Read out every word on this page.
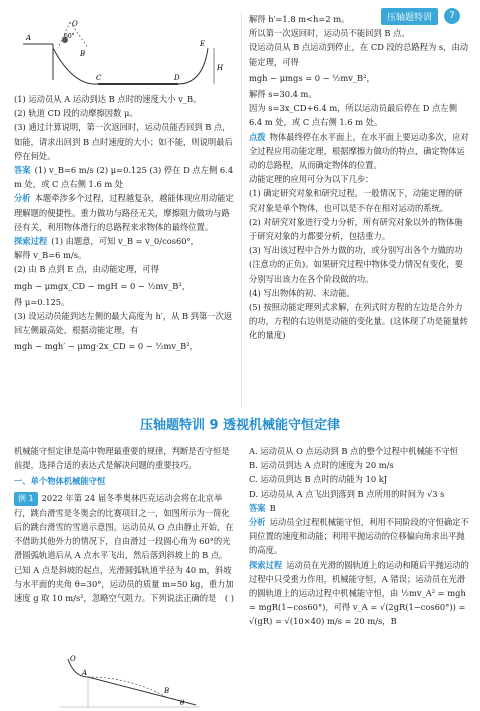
压轴题特训	7
A
O
60°
B
C	D
E
H

(1) 运动员从 A 运动到达 B 点时的速度大小 v_B。

(2) 轨道 CD 段的动摩擦因数 μ。

(3) 通过计算说明，第一次返回时，运动员能否回到 B 点，如能，请求出回到 B 点时速度的大小；如不能，则说明最后停在何处。

答案 (1) v_B=6 m/s (2) μ=0.125 (3) 停在 D 点左侧 6.4 m 处，或 C 点右侧 1.6 m 处

分析 本题牵涉多个过程，过程越复杂，越能体现应用动能定理解题的便捷性。重力做功与路径无关，摩擦阻力做功与路径有关，利用物体滑行的总路程来求物体的最终位置。

探索过程 (1) 由题意，可知 v_B = v_0/cos60°，

解得 v_B=6 m/s。

(2) 由 B 点到 E 点，由动能定理，可得

mgh − μmgx_CD − mgH = 0 − ½mv_B²，

得 μ=0.125。

(3) 设运动员能到达左侧的最大高度为 h′，从 B 到第一次返回左侧最高处，根据动能定理，有

mgh − mgh′ − μmg·2x_CD = 0 − ½mv_B²，

解得 h′=1.8 m<h=2 m。

所以第一次返回时，运动员不能回到 B 点。

设运动员从 B 点运动到停止，在 CD 段的总路程为 s，由动能定理，可得

mgh − μmgs = 0 − ½mv_B²，

解得 s=30.4 m。

因为 s=3x_CD+6.4 m，所以运动员最后停在 D 点左侧 6.4 m 处，或 C 点右侧 1.6 m 处。

点拨 物体最终停在水平面上，在水平面上要运动多次，应对全过程应用动能定理，根据摩擦力做功的特点，确定物体运动的总路程，从而确定物体的位置。

动能定理的应用可分为以下几步：

(1) 确定研究对象和研究过程。一般情况下，动能定理的研究对象是单个物体，也可以是不存在相对运动的系统。

(2) 对研究对象进行受力分析，所有研究对象以外的物体施于研究对象的力都要分析，包括重力。

(3) 写出该过程中合外力做的功，或分别写出各个力做的功(注意功的正负)。如果研究过程中物体受力情况有变化，要分别写出该力在各个阶段做的功。

(4) 写出物体的初、末动能。

(5) 按照动能定理列式求解，在列式时方程的左边是合外力的功，方程的右边则是动能的变化量。(这体现了功是能量转化的量度)

压轴题特训 9 透视机械能守恒定律

机械能守恒定律是高中物理最重要的规律，判断是否守恒是前提，选择合适的表达式是解决问题的重要技巧。

一、单个物体机械能守恒

例 1 2022 年第 24 届冬季奥林匹克运动会将在北京举行，跳台滑雪是冬奥会的比赛项目之一，如图所示为一简化后的跳台滑雪的雪道示意图。运动员从 O 点由静止开始，在不借助其他外力的情况下，自由滑过一段圆心角为 60°的光滑圆弧轨道后从 A 点水平飞出，然后落到斜坡上的 B 点。已知 A 点是斜坡的起点，光滑圆弧轨道半径为 40 m，斜坡与水平面的夹角 θ=30°，运动员的质量 m=50 kg，重力加速度 g 取 10 m/s²，忽略空气阻力。下列说法正确的是 ( )

O
A
B
θ

A. 运动员从 O 点运动到 B 点的整个过程中机械能不守恒

B. 运动员到达 A 点时的速度为 20 m/s

C. 运动员到达 B 点时的动能为 10 kJ

D. 运动员从 A 点飞出到落到 B 点所用的时间为 √3 s

答案 B

分析 运动员全过程机械能守恒，利用不同阶段的守恒确定不同位置的速度和动能；利用平抛运动的位移偏向角求出平抛的高度。

探索过程 运动员在光滑的圆轨道上的运动和随后平抛运动的过程中只受重力作用，机械能守恒，A 错误；运动员在光滑的圆轨道上的运动过程中机械能守恒，由 ½mv_A² = mgh = mgR(1−cos60°)，可得 v_A = √(2gR(1−cos60°)) = √(gR) = √(10×40) m/s = 20 m/s，B
